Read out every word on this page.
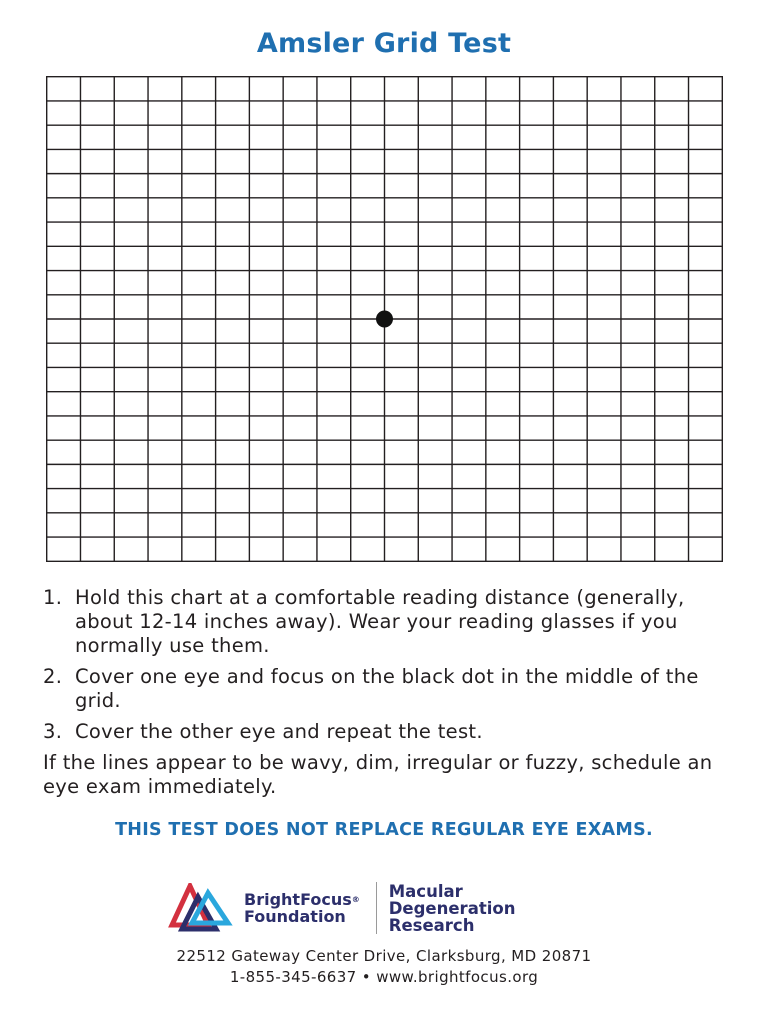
Amsler Grid Test
1. Hold this chart at a comfortable reading distance (generally, about 12-14 inches away). Wear your reading glasses if you normally use them.
2. Cover one eye and focus on the black dot in the middle of the grid.
3. Cover the other eye and repeat the test.
If the lines appear to be wavy, dim, irregular or fuzzy, schedule an eye exam immediately.
THIS TEST DOES NOT REPLACE REGULAR EYE EXAMS.
BrightFocus®
Foundation
Macular
Degeneration
Research
22512 Gateway Center Drive, Clarksburg, MD 20871
1-855-345-6637 • www.brightfocus.org
